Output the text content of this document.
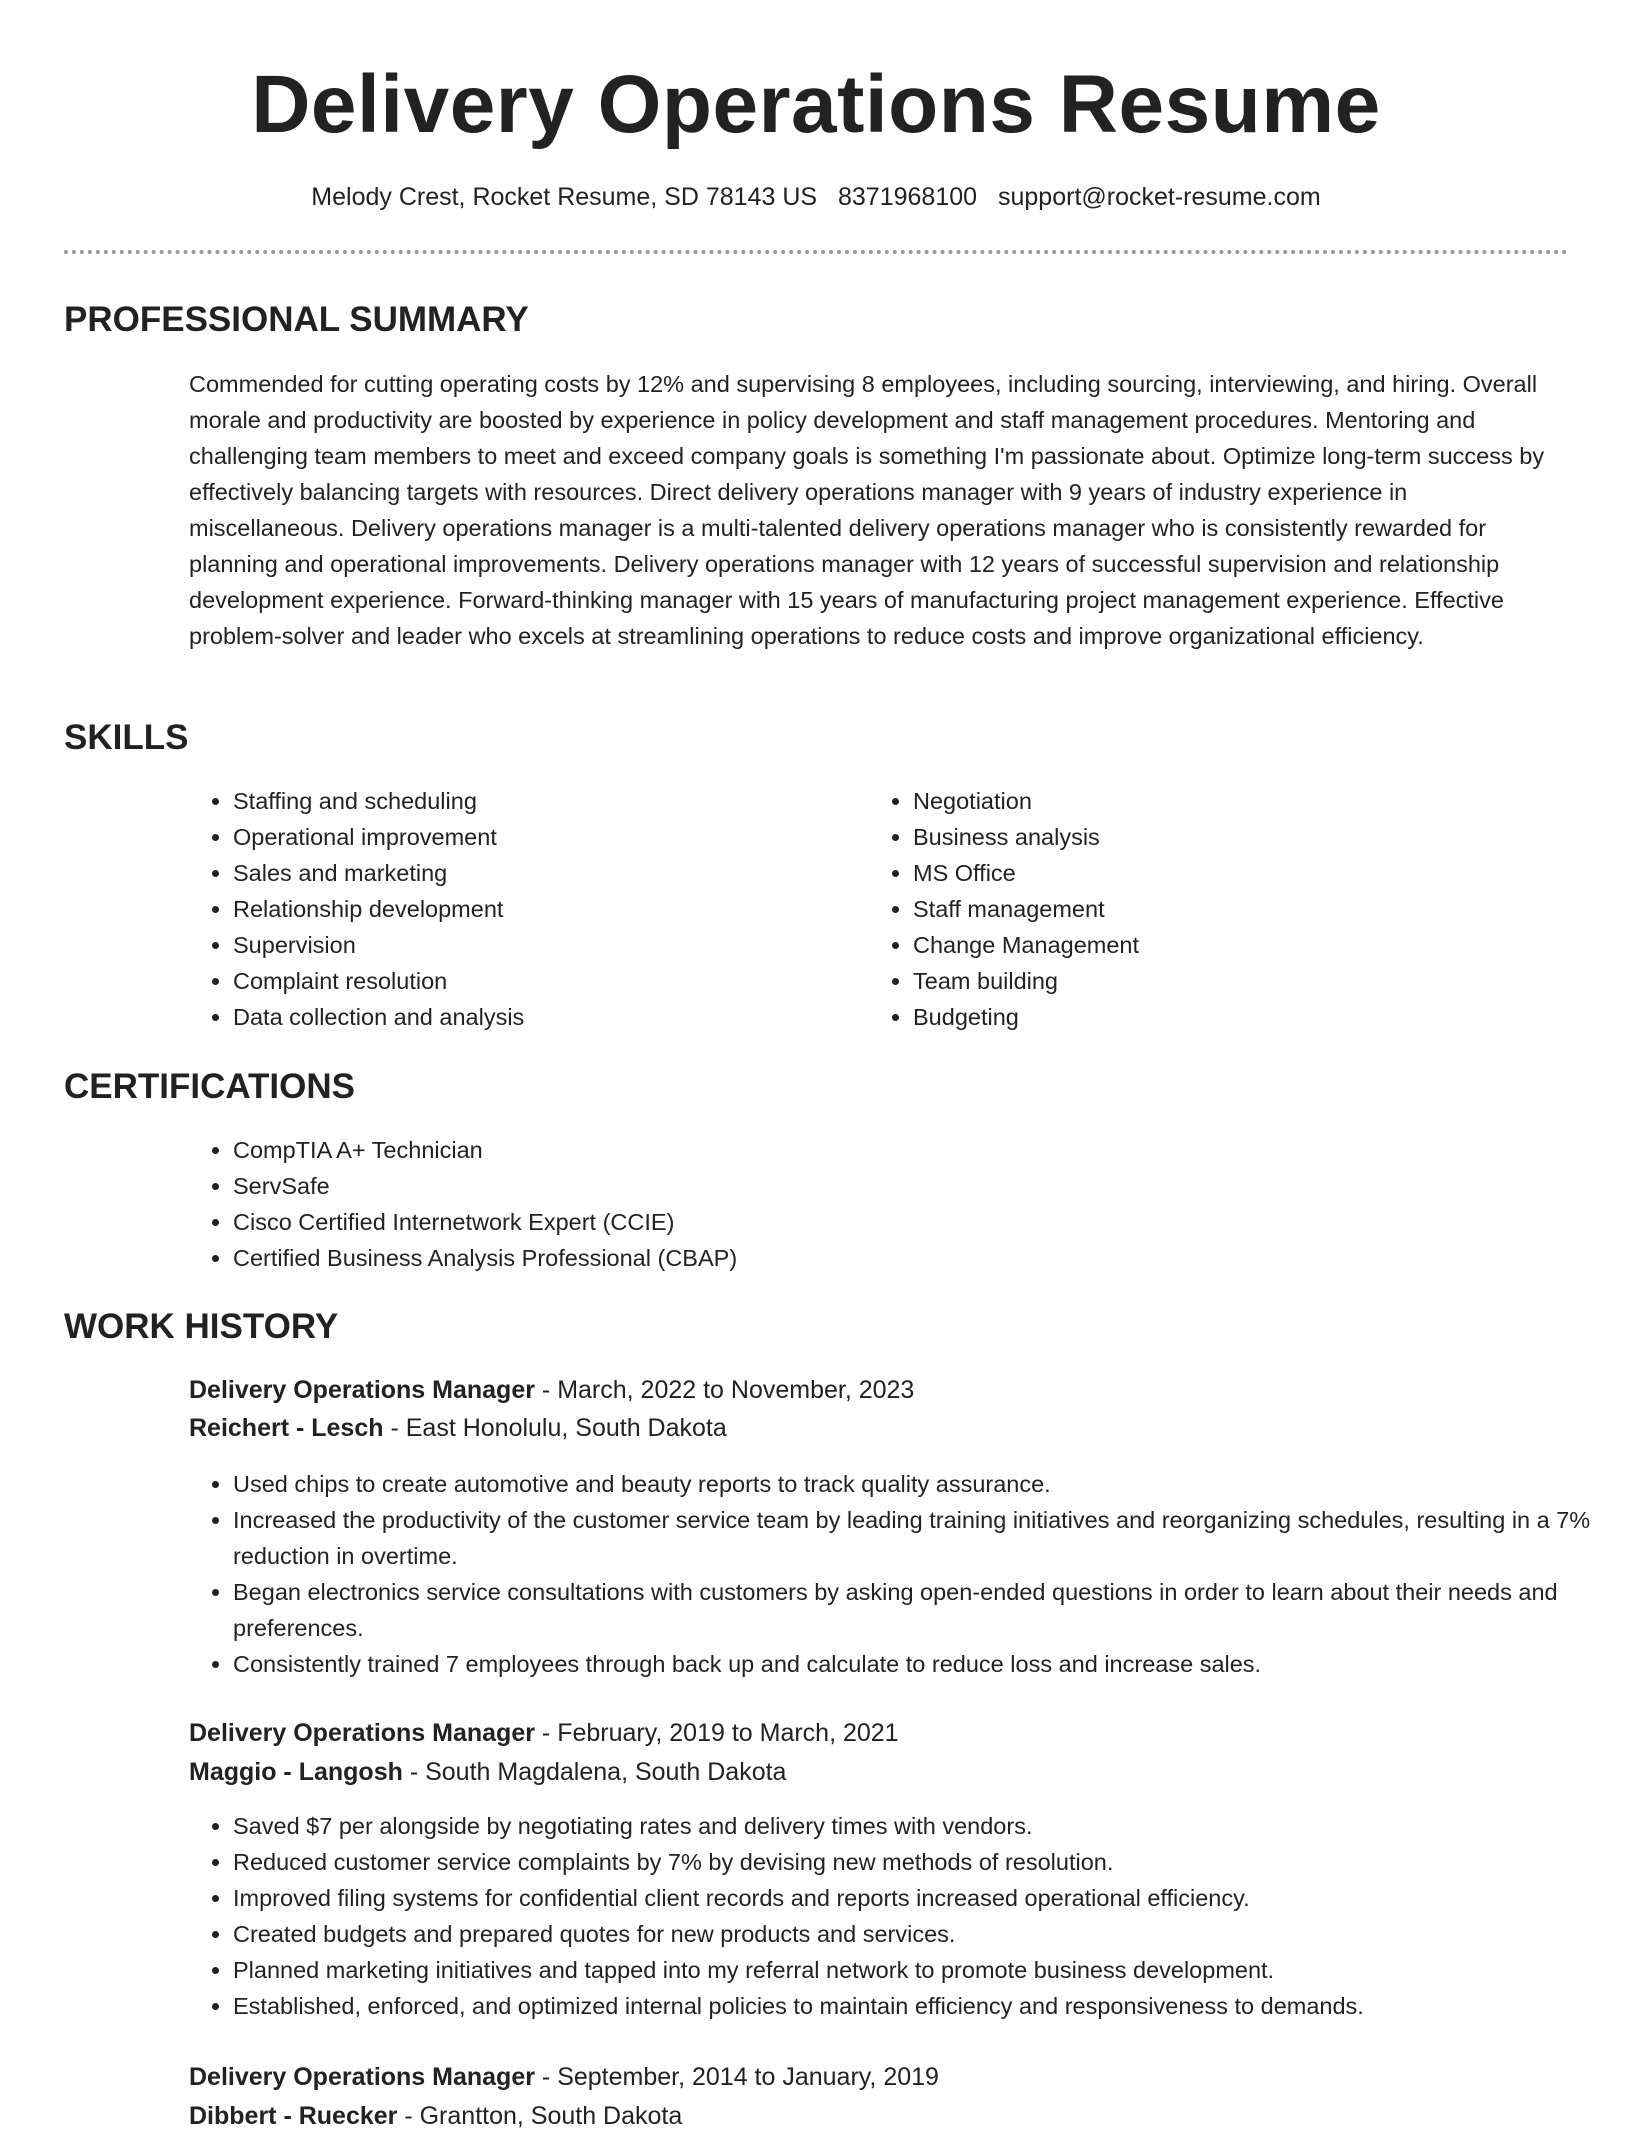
Delivery Operations Resume
Melody Crest, Rocket Resume, SD 78143 US 8371968100 support@rocket-resume.com
PROFESSIONAL SUMMARY

Commended for cutting operating costs by 12% and supervising 8 employees, including sourcing, interviewing, and hiring. Overall morale and productivity are boosted by experience in policy development and staff management procedures. Mentoring and challenging team members to meet and exceed company goals is something I'm passionate about. Optimize long-term success by effectively balancing targets with resources. Direct delivery operations manager with 9 years of industry experience in miscellaneous. Delivery operations manager is a multi-talented delivery operations manager who is consistently rewarded for planning and operational improvements. Delivery operations manager with 12 years of successful supervision and relationship development experience. Forward-thinking manager with 15 years of manufacturing project management experience. Effective problem-solver and leader who excels at streamlining operations to reduce costs and improve organizational efficiency.

SKILLS
• Staffing and scheduling
• Operational improvement
• Sales and marketing
• Relationship development
• Supervision
• Complaint resolution
• Data collection and analysis
• Negotiation
• Business analysis
• MS Office
• Staff management
• Change Management
• Team building
• Budgeting
CERTIFICATIONS
• CompTIA A+ Technician
• ServSafe
• Cisco Certified Internetwork Expert (CCIE)
• Certified Business Analysis Professional (CBAP)
WORK HISTORY
Delivery Operations Manager - March, 2022 to November, 2023
Reichert - Lesch - East Honolulu, South Dakota
• Used chips to create automotive and beauty reports to track quality assurance.
• Increased the productivity of the customer service team by leading training initiatives and reorganizing schedules, resulting in a 7% reduction in overtime.
• Began electronics service consultations with customers by asking open-ended questions in order to learn about their needs and preferences.
• Consistently trained 7 employees through back up and calculate to reduce loss and increase sales.
Delivery Operations Manager - February, 2019 to March, 2021
Maggio - Langosh - South Magdalena, South Dakota
• Saved $7 per alongside by negotiating rates and delivery times with vendors.
• Reduced customer service complaints by 7% by devising new methods of resolution.
• Improved filing systems for confidential client records and reports increased operational efficiency.
• Created budgets and prepared quotes for new products and services.
• Planned marketing initiatives and tapped into my referral network to promote business development.
• Established, enforced, and optimized internal policies to maintain efficiency and responsiveness to demands.
Delivery Operations Manager - September, 2014 to January, 2019
Dibbert - Ruecker - Grantton, South Dakota
